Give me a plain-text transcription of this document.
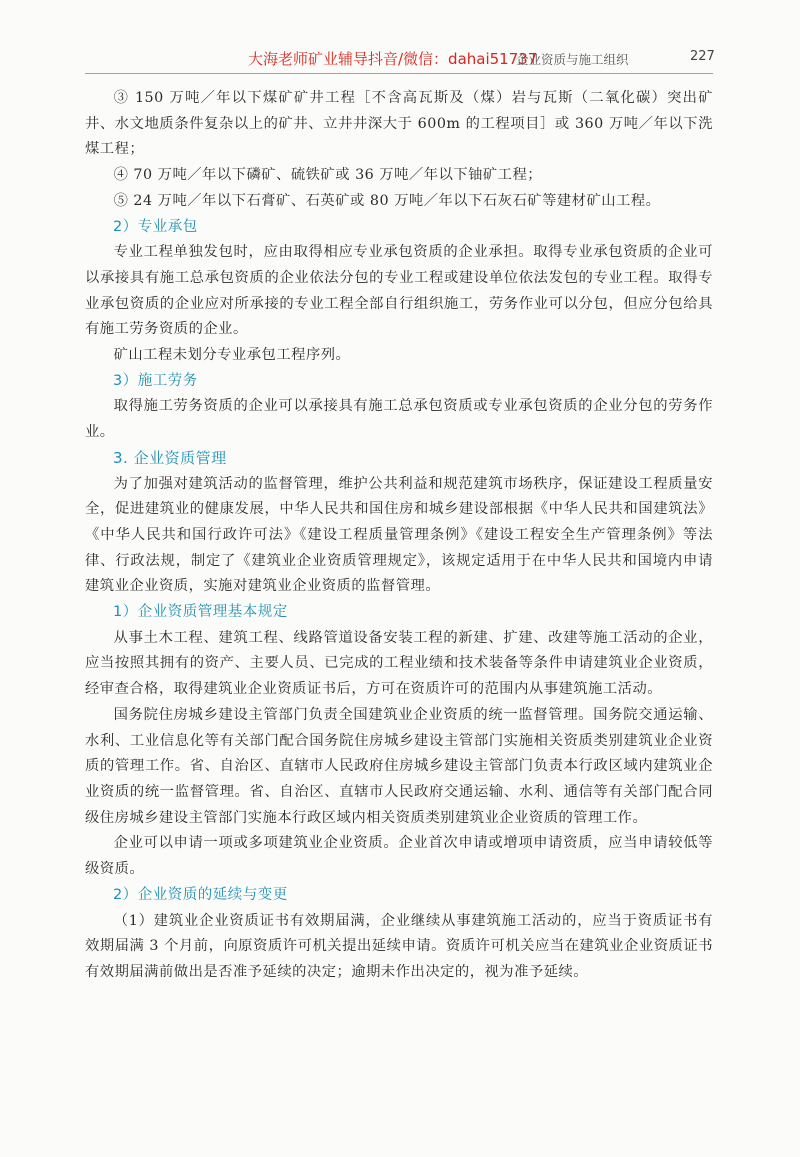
大海老师矿业辅导抖音/微信：dahai51737
企业资质与施工组织	227

③ 150 万吨／年以下煤矿矿井工程［不含高瓦斯及（煤）岩与瓦斯（二氧化碳）突出矿井、水文地质条件复杂以上的矿井、立井井深大于 600m 的工程项目］或 360 万吨／年以下洗煤工程；

④ 70 万吨／年以下磷矿、硫铁矿或 36 万吨／年以下铀矿工程；

⑤ 24 万吨／年以下石膏矿、石英矿或 80 万吨／年以下石灰石矿等建材矿山工程。

2）专业承包

专业工程单独发包时，应由取得相应专业承包资质的企业承担。取得专业承包资质的企业可以承接具有施工总承包资质的企业依法分包的专业工程或建设单位依法发包的专业工程。取得专业承包资质的企业应对所承接的专业工程全部自行组织施工，劳务作业可以分包，但应分包给具有施工劳务资质的企业。

矿山工程未划分专业承包工程序列。

3）施工劳务

取得施工劳务资质的企业可以承接具有施工总承包资质或专业承包资质的企业分包的劳务作业。

3. 企业资质管理

为了加强对建筑活动的监督管理，维护公共利益和规范建筑市场秩序，保证建设工程质量安全，促进建筑业的健康发展，中华人民共和国住房和城乡建设部根据《中华人民共和国建筑法》《中华人民共和国行政许可法》《建设工程质量管理条例》《建设工程安全生产管理条例》等法律、行政法规，制定了《建筑业企业资质管理规定》，该规定适用于在中华人民共和国境内申请建筑业企业资质，实施对建筑业企业资质的监督管理。

1）企业资质管理基本规定

从事土木工程、建筑工程、线路管道设备安装工程的新建、扩建、改建等施工活动的企业，应当按照其拥有的资产、主要人员、已完成的工程业绩和技术装备等条件申请建筑业企业资质，经审查合格，取得建筑业企业资质证书后，方可在资质许可的范围内从事建筑施工活动。

国务院住房城乡建设主管部门负责全国建筑业企业资质的统一监督管理。国务院交通运输、水利、工业信息化等有关部门配合国务院住房城乡建设主管部门实施相关资质类别建筑业企业资质的管理工作。省、自治区、直辖市人民政府住房城乡建设主管部门负责本行政区域内建筑业企业资质的统一监督管理。省、自治区、直辖市人民政府交通运输、水利、通信等有关部门配合同级住房城乡建设主管部门实施本行政区域内相关资质类别建筑业企业资质的管理工作。

企业可以申请一项或多项建筑业企业资质。企业首次申请或增项申请资质，应当申请较低等级资质。

2）企业资质的延续与变更

（1）建筑业企业资质证书有效期届满，企业继续从事建筑施工活动的，应当于资质证书有效期届满 3 个月前，向原资质许可机关提出延续申请。资质许可机关应当在建筑业企业资质证书有效期届满前做出是否准予延续的决定；逾期未作出决定的，视为准予延续。
